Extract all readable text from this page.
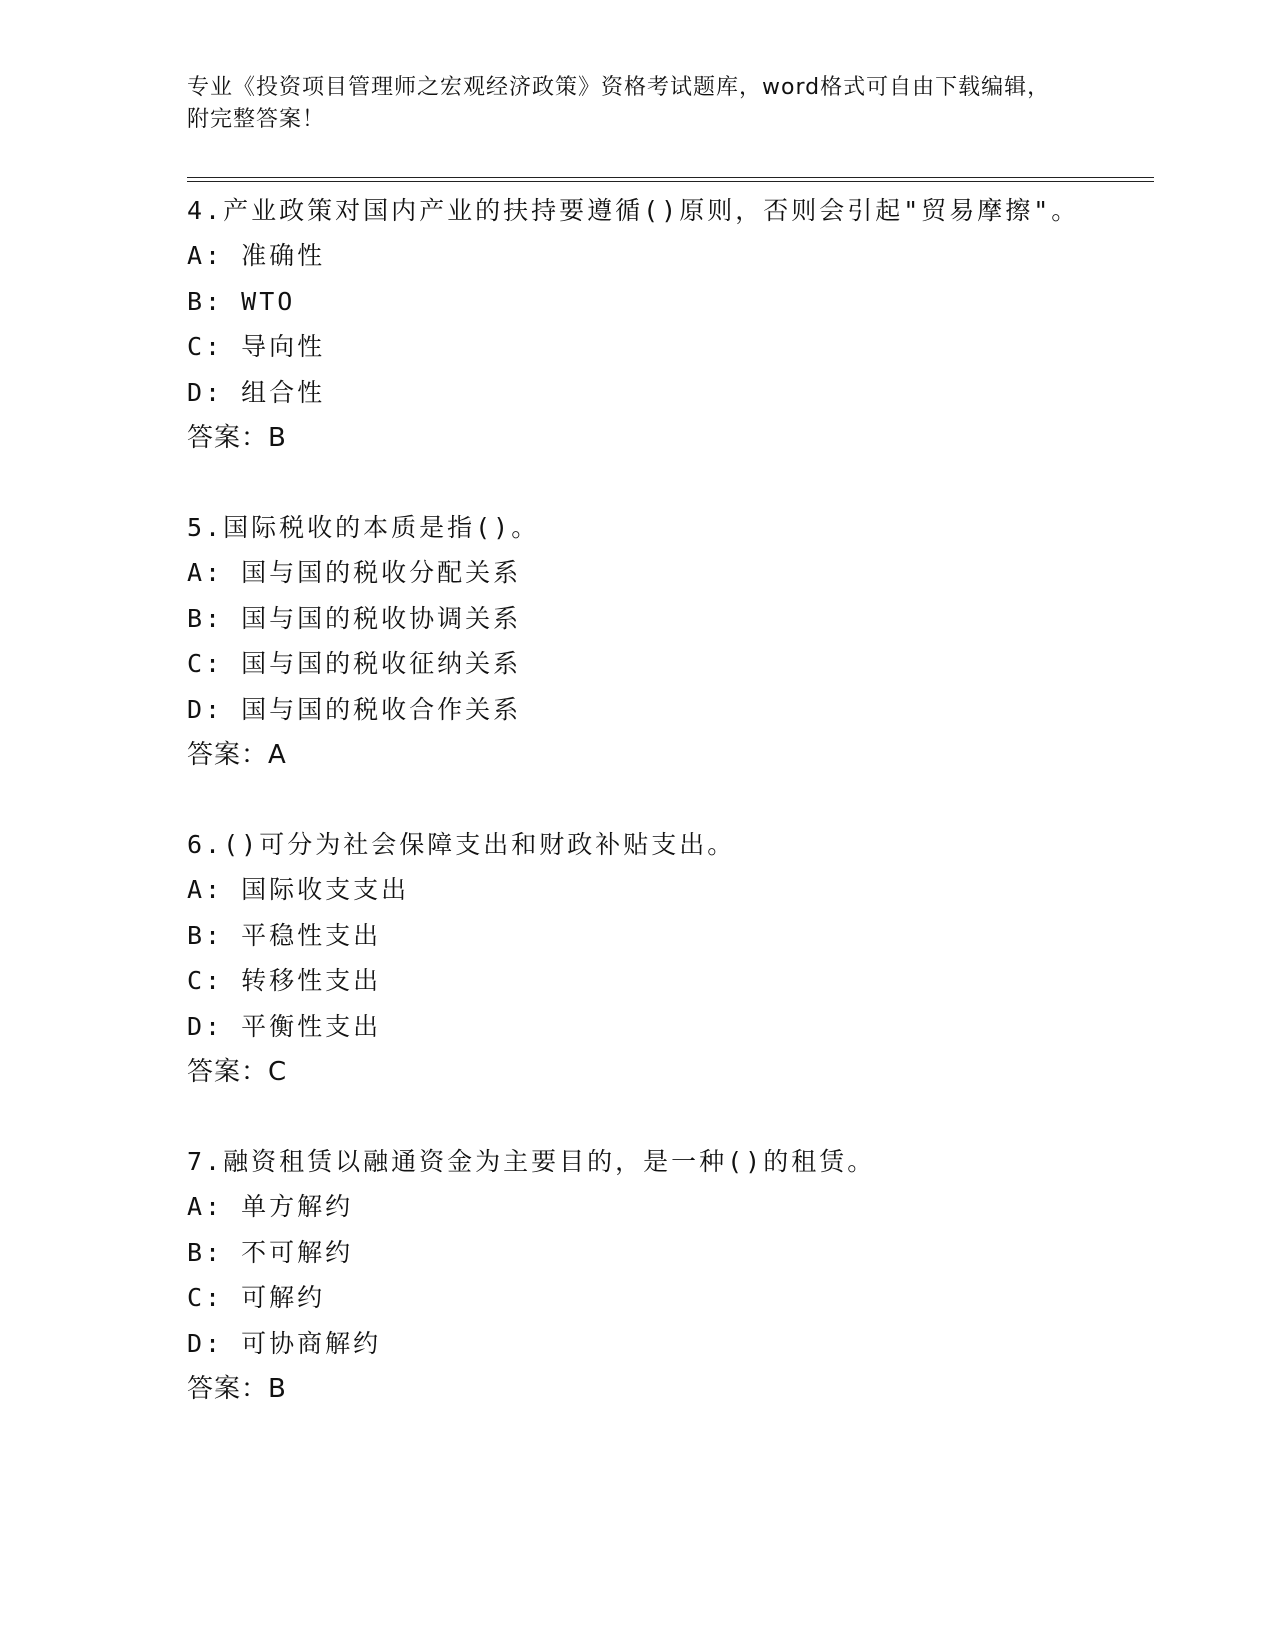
专业《投资项目管理师之宏观经济政策》资格考试题库，word格式可自由下载编辑，附完整答案！
4.产业政策对国内产业的扶持要遵循()原则，否则会引起"贸易摩擦"。
A: 准确性
B: WTO
C: 导向性
D: 组合性
答案：B
5.国际税收的本质是指()。
A: 国与国的税收分配关系
B: 国与国的税收协调关系
C: 国与国的税收征纳关系
D: 国与国的税收合作关系
答案：A
6.()可分为社会保障支出和财政补贴支出。
A: 国际收支支出
B: 平稳性支出
C: 转移性支出
D: 平衡性支出
答案：C
7.融资租赁以融通资金为主要目的，是一种()的租赁。
A: 单方解约
B: 不可解约
C: 可解约
D: 可协商解约
答案：B
